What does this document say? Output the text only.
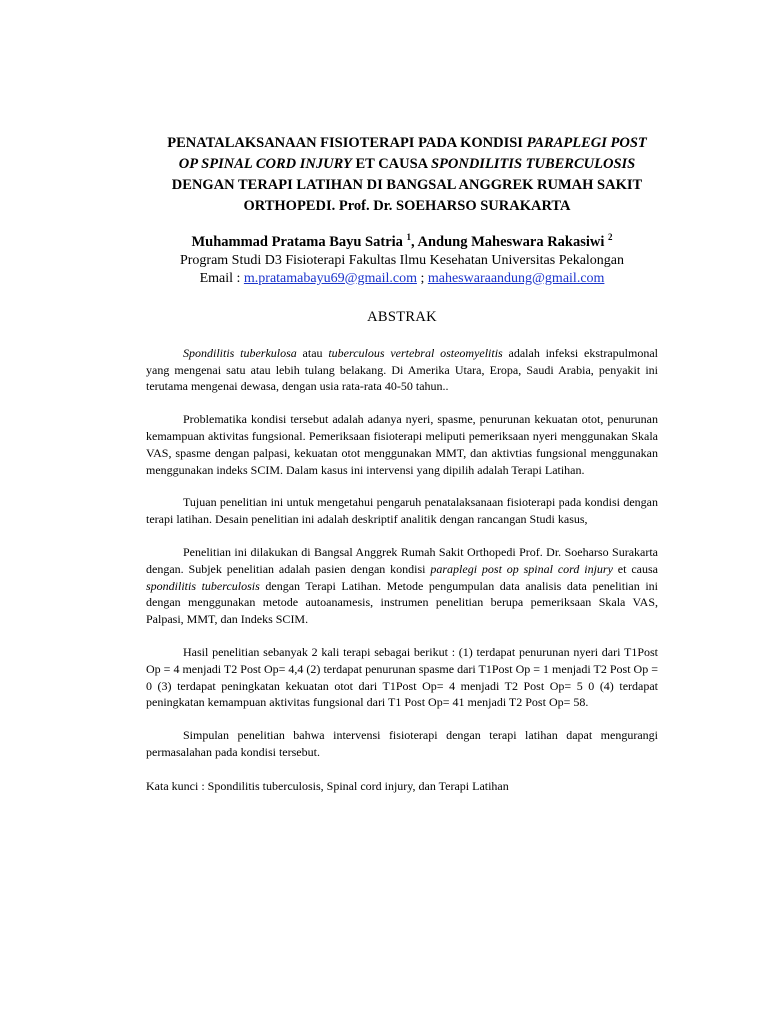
PENATALAKSANAAN FISIOTERAPI PADA KONDISI PARAPLEGI POST OP SPINAL CORD INJURY ET CAUSA SPONDILITIS TUBERCULOSIS DENGAN TERAPI LATIHAN DI BANGSAL ANGGREK RUMAH SAKIT ORTHOPEDI. Prof. Dr. SOEHARSO SURAKARTA
Muhammad Pratama Bayu Satria $^1$, Andung Maheswara Rakasiwi $^2$
Program Studi D3 Fisioterapi Fakultas Ilmu Kesehatan Universitas Pekalongan
Email : m.pratamabayu69@gmail.com ; maheswaraandung@gmail.com
ABSTRAK

Spondilitis tuberkulosa atau tuberculous vertebral osteomyelitis adalah infeksi ekstrapulmonal yang mengenai satu atau lebih tulang belakang. Di Amerika Utara, Eropa, Saudi Arabia, penyakit ini terutama mengenai dewasa, dengan usia rata-rata 40-50 tahun..

Problematika kondisi tersebut adalah adanya nyeri, spasme, penurunan kekuatan otot, penurunan kemampuan aktivitas fungsional. Pemeriksaan fisioterapi meliputi pemeriksaan nyeri menggunakan Skala VAS, spasme dengan palpasi, kekuatan otot menggunakan MMT, dan aktivtias fungsional menggunakan menggunakan indeks SCIM. Dalam kasus ini intervensi yang dipilih adalah Terapi Latihan.

Tujuan penelitian ini untuk mengetahui pengaruh penatalaksanaan fisioterapi pada kondisi dengan terapi latihan. Desain penelitian ini adalah deskriptif analitik dengan rancangan Studi kasus,

Penelitian ini dilakukan di Bangsal Anggrek Rumah Sakit Orthopedi Prof. Dr. Soeharso Surakarta dengan. Subjek penelitian adalah pasien dengan kondisi paraplegi post op spinal cord injury et causa spondilitis tuberculosis dengan Terapi Latihan. Metode pengumpulan data analisis data penelitian ini dengan menggunakan metode autoanamesis, instrumen penelitian berupa pemeriksaan Skala VAS, Palpasi, MMT, dan Indeks SCIM.

Hasil penelitian sebanyak 2 kali terapi sebagai berikut : (1) terdapat penurunan nyeri dari T1Post Op = 4 menjadi T2 Post Op= 4,4 (2) terdapat penurunan spasme dari T1Post Op = 1 menjadi T2 Post Op = 0 (3) terdapat peningkatan kekuatan otot dari T1Post Op= 4 menjadi T2 Post Op= 5 0 (4) terdapat peningkatan kemampuan aktivitas fungsional dari T1 Post Op= 41 menjadi T2 Post Op= 58.

Simpulan penelitian bahwa intervensi fisioterapi dengan terapi latihan dapat mengurangi permasalahan pada kondisi tersebut.

Kata kunci : Spondilitis tuberculosis, Spinal cord injury, dan Terapi Latihan
